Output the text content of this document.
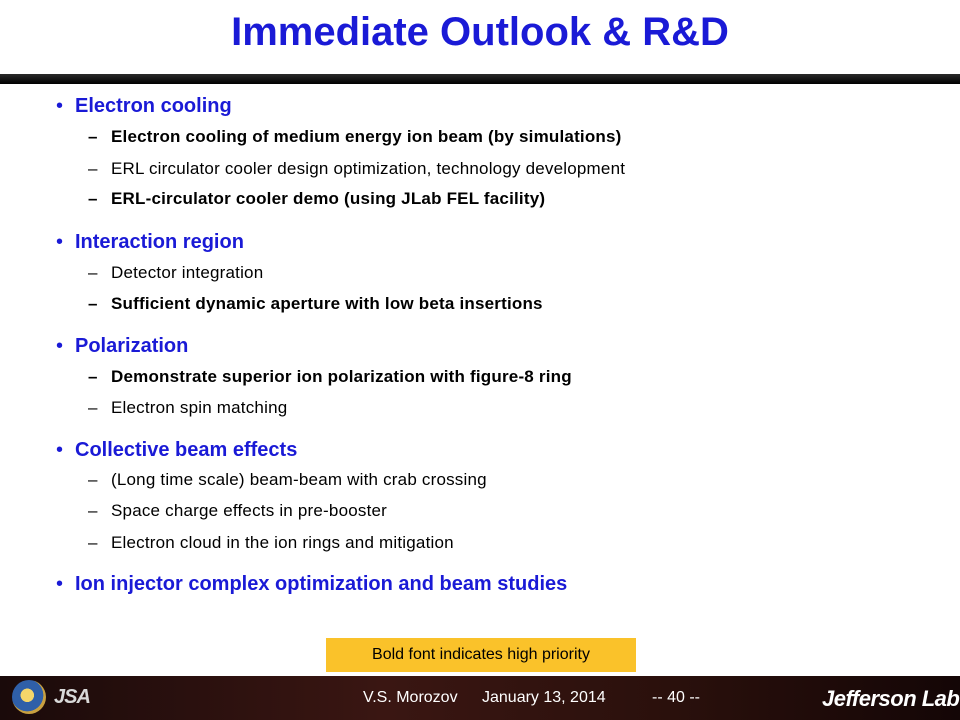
Immediate Outlook & R&D
• Electron cooling
– Electron cooling of medium energy ion beam (by simulations)
– ERL circulator cooler design optimization, technology development
– ERL-circulator cooler demo (using JLab FEL facility)
• Interaction region
– Detector integration
– Sufficient dynamic aperture with low beta insertions
• Polarization
– Demonstrate superior ion polarization with figure-8 ring
– Electron spin matching
• Collective beam effects
– (Long time scale) beam-beam with crab crossing
– Space charge effects in pre-booster
– Electron cloud in the ion rings and mitigation
• Ion injector complex optimization and beam studies
Bold font indicates high priority
JSA	V.S. Morozov January 13, 2014	-- 40 --	Jefferson Lab
